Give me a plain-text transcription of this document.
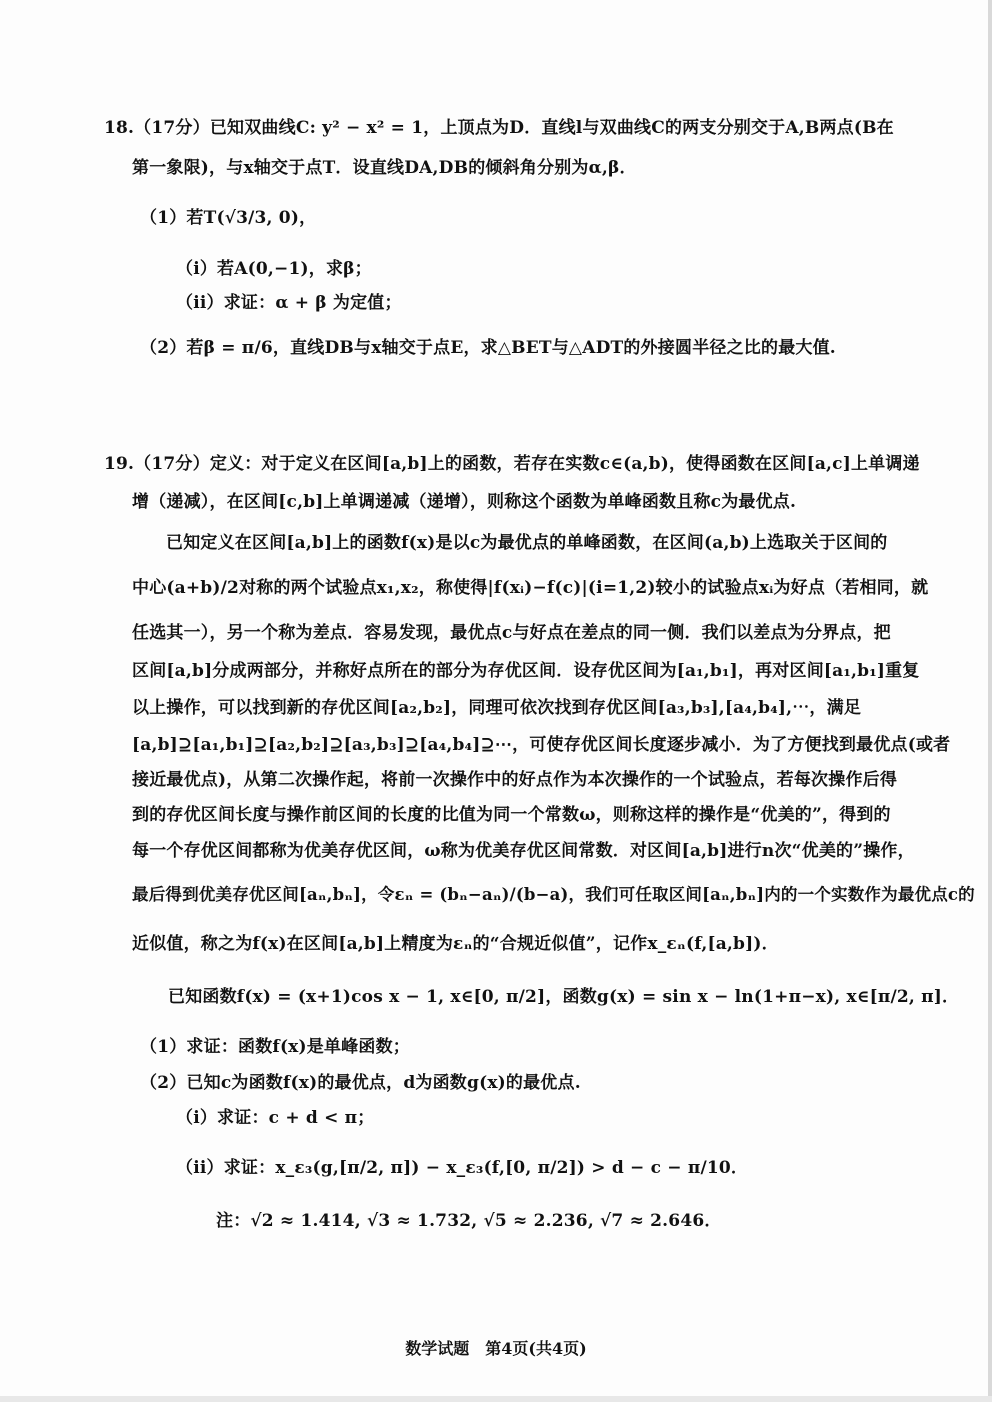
18.（17分）已知双曲线C: y² − x² = 1，上顶点为D．直线l与双曲线C的两支分别交于A,B两点(B在
第一象限)，与x轴交于点T．设直线DA,DB的倾斜角分别为α,β．
（1）若T(√3/3, 0)，
（i）若A(0,−1)，求β；
（ii）求证：α + β 为定值；
（2）若β = π/6，直线DB与x轴交于点E，求△BET与△ADT的外接圆半径之比的最大值.
19.（17分）定义：对于定义在区间[a,b]上的函数，若存在实数c∈(a,b)，使得函数在区间[a,c]上单调递
增（递减），在区间[c,b]上单调递减（递增），则称这个函数为单峰函数且称c为最优点.
已知定义在区间[a,b]上的函数f(x)是以c为最优点的单峰函数，在区间(a,b)上选取关于区间的
中心(a+b)/2对称的两个试验点x₁,x₂，称使得|f(xᵢ)−f(c)|(i=1,2)较小的试验点xᵢ为好点（若相同，就
任选其一），另一个称为差点．容易发现，最优点c与好点在差点的同一侧．我们以差点为分界点，把
区间[a,b]分成两部分，并称好点所在的部分为存优区间．设存优区间为[a₁,b₁]，再对区间[a₁,b₁]重复
以上操作，可以找到新的存优区间[a₂,b₂]，同理可依次找到存优区间[a₃,b₃],[a₄,b₄],⋯，满足
[a,b]⊇[a₁,b₁]⊇[a₂,b₂]⊇[a₃,b₃]⊇[a₄,b₄]⊇⋯，可使存优区间长度逐步减小．为了方便找到最优点(或者
接近最优点)，从第二次操作起，将前一次操作中的好点作为本次操作的一个试验点，若每次操作后得
到的存优区间长度与操作前区间的长度的比值为同一个常数ω，则称这样的操作是“优美的”，得到的
每一个存优区间都称为优美存优区间，ω称为优美存优区间常数．对区间[a,b]进行n次“优美的”操作，
最后得到优美存优区间[aₙ,bₙ]，令εₙ = (bₙ−aₙ)/(b−a)，我们可任取区间[aₙ,bₙ]内的一个实数作为最优点c的
近似值，称之为f(x)在区间[a,b]上精度为εₙ的“合规近似值”，记作x_εₙ(f,[a,b])．
已知函数f(x) = (x+1)cos x − 1, x∈[0, π/2]，函数g(x) = sin x − ln(1+π−x), x∈[π/2, π]．
（1）求证：函数f(x)是单峰函数；
（2）已知c为函数f(x)的最优点，d为函数g(x)的最优点.
（i）求证：c + d < π；
（ii）求证：x_ε₃(g,[π/2, π]) − x_ε₃(f,[0, π/2]) > d − c − π/10．
注：√2 ≈ 1.414, √3 ≈ 1.732, √5 ≈ 2.236, √7 ≈ 2.646．
数学试题　第4页(共4页)
